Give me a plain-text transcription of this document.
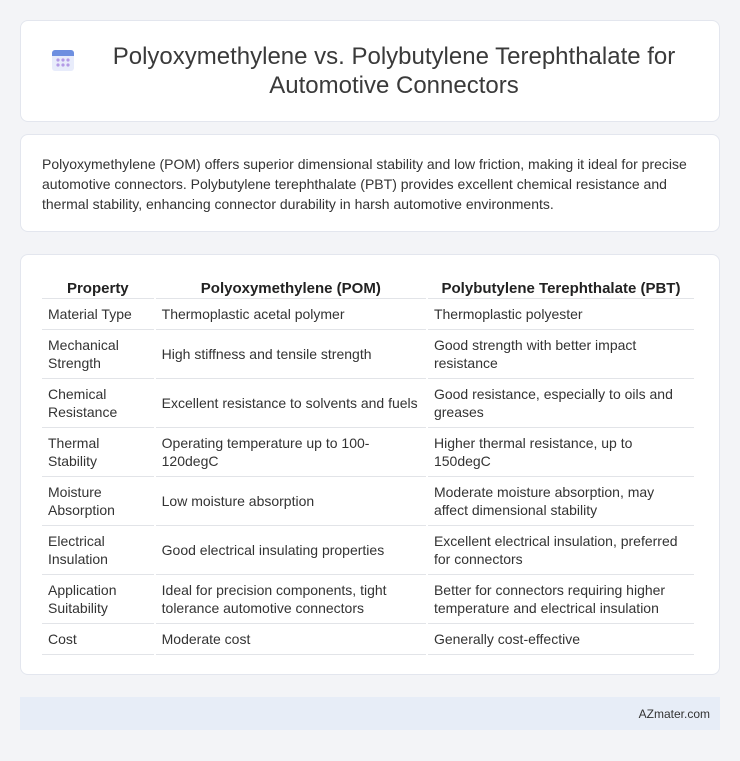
Polyoxymethylene vs. Polybutylene Terephthalate for Automotive Connectors

Polyoxymethylene (POM) offers superior dimensional stability and low friction, making it ideal for precise automotive connectors. Polybutylene terephthalate (PBT) provides excellent chemical resistance and thermal stability, enhancing connector durability in harsh automotive environments.

Property	Polyoxymethylene (POM)	Polybutylene Terephthalate (PBT)
Material Type	Thermoplastic acetal polymer	Thermoplastic polyester
Mechanical Strength	High stiffness and tensile strength	Good strength with better impact resistance
Chemical Resistance	Excellent resistance to solvents and fuels	Good resistance, especially to oils and greases
Thermal Stability	Operating temperature up to 100-120degC	Higher thermal resistance, up to 150degC
Moisture Absorption	Low moisture absorption	Moderate moisture absorption, may affect dimensional stability
Electrical Insulation	Good electrical insulating properties	Excellent electrical insulation, preferred for connectors
Application Suitability	Ideal for precision components, tight tolerance automotive connectors	Better for connectors requiring higher temperature and electrical insulation
Cost	Moderate cost	Generally cost-effective
AZmater.com
